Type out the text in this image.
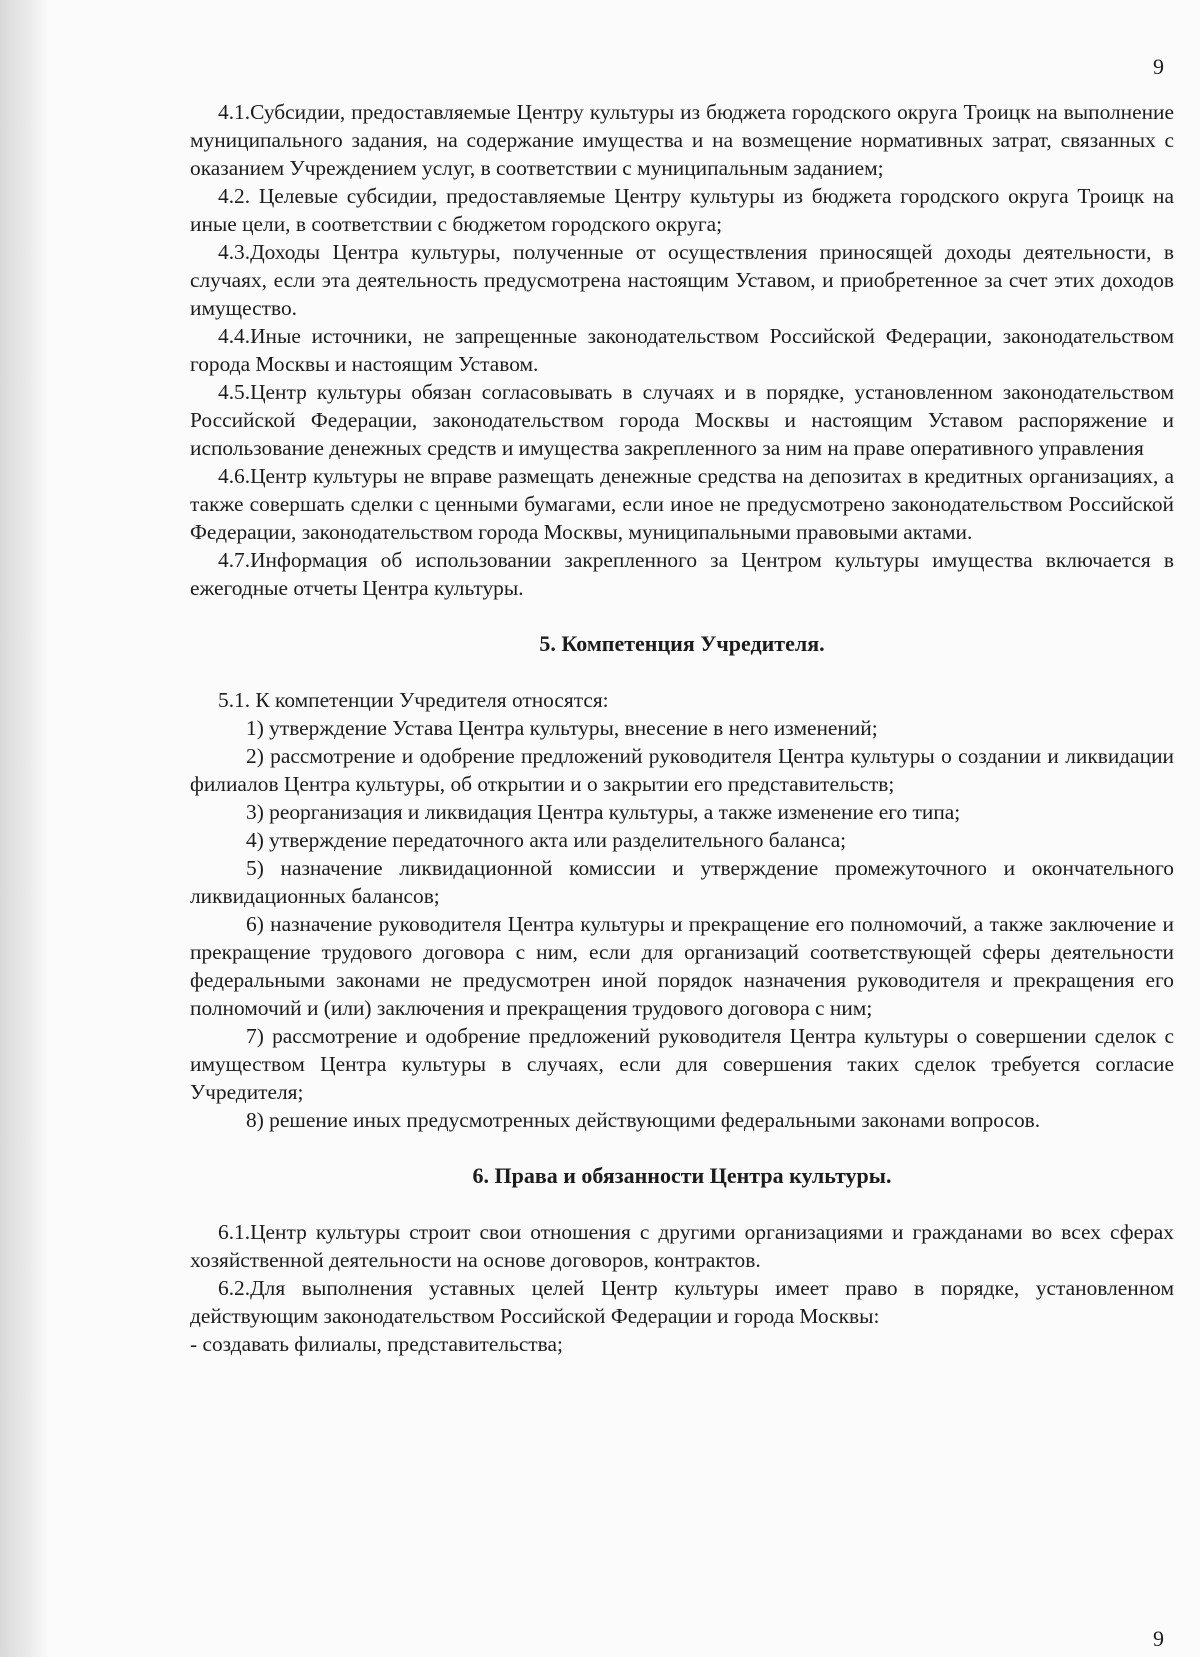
9

4.1.Субсидии, предоставляемые Центру культуры из бюджета городского округа Троицк на выполнение муниципального задания, на содержание имущества и на возмещение нормативных затрат, связанных с оказанием Учреждением услуг, в соответствии с муниципальным заданием;

4.2. Целевые субсидии, предоставляемые Центру культуры из бюджета городского округа Троицк на иные цели, в соответствии с бюджетом городского округа;

4.3.Доходы Центра культуры, полученные от осуществления приносящей доходы деятельности, в случаях, если эта деятельность предусмотрена настоящим Уставом, и приобретенное за счет этих доходов имущество.

4.4.Иные источники, не запрещенные законодательством Российской Федерации, законодательством города Москвы и настоящим Уставом.

4.5.Центр культуры обязан согласовывать в случаях и в порядке, установленном законодательством Российской Федерации, законодательством города Москвы и настоящим Уставом распоряжение и использование денежных средств и имущества закрепленного за ним на праве оперативного управления

4.6.Центр культуры не вправе размещать денежные средства на депозитах в кредитных организациях, а также совершать сделки с ценными бумагами, если иное не предусмотрено законодательством Российской Федерации, законодательством города Москвы, муниципальными правовыми актами.

4.7.Информация об использовании закрепленного за Центром культуры имущества включается в ежегодные отчеты Центра культуры.

5. Компетенция Учредителя.

5.1. К компетенции Учредителя относятся:

1) утверждение Устава Центра культуры, внесение в него изменений;

2) рассмотрение и одобрение предложений руководителя Центра культуры о создании и ликвидации филиалов Центра культуры, об открытии и о закрытии его представительств;

3) реорганизация и ликвидация Центра культуры, а также изменение его типа;

4) утверждение передаточного акта или разделительного баланса;

5) назначение ликвидационной комиссии и утверждение промежуточного и окончательного ликвидационных балансов;

6) назначение руководителя Центра культуры и прекращение его полномочий, а также заключение и прекращение трудового договора с ним, если для организаций соответствующей сферы деятельности федеральными законами не предусмотрен иной порядок назначения руководителя и прекращения его полномочий и (или) заключения и прекращения трудового договора с ним;

7) рассмотрение и одобрение предложений руководителя Центра культуры о совершении сделок с имуществом Центра культуры в случаях, если для совершения таких сделок требуется согласие Учредителя;

8) решение иных предусмотренных действующими федеральными законами вопросов.

6. Права и обязанности Центра культуры.

6.1.Центр культуры строит свои отношения с другими организациями и гражданами во всех сферах хозяйственной деятельности на основе договоров, контрактов.

6.2.Для выполнения уставных целей Центр культуры имеет право в порядке, установленном действующим законодательством Российской Федерации и города Москвы:

- создавать филиалы, представительства;

9
